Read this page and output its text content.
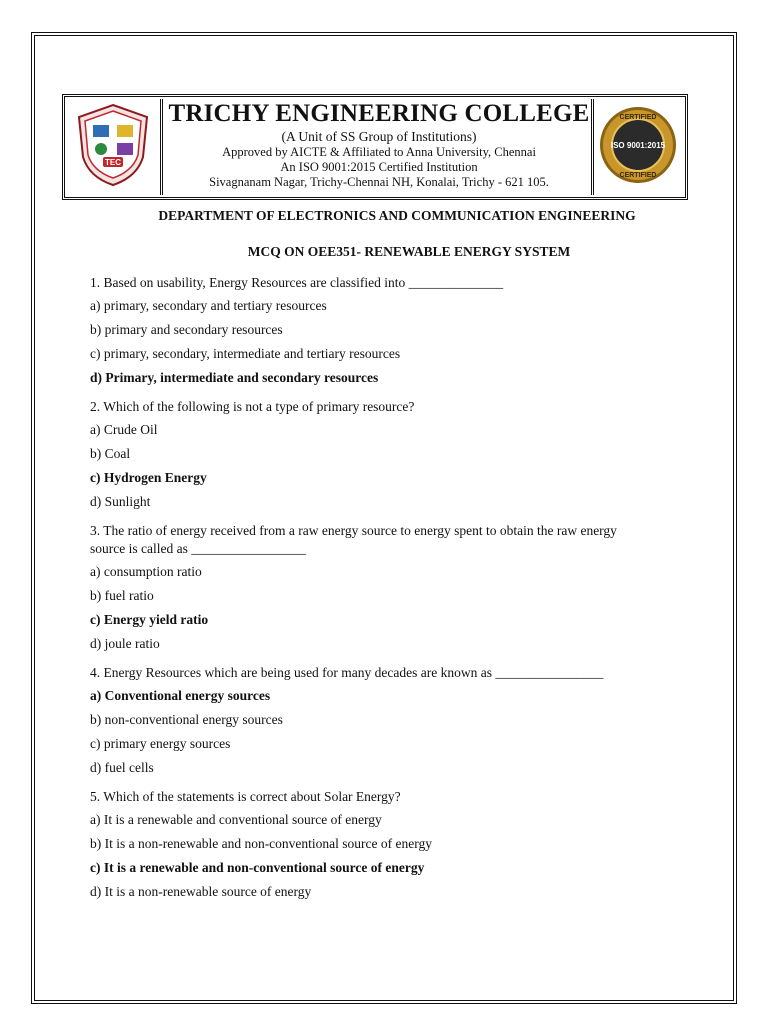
TEC
TRICHY ENGINEERING COLLEGE
(A Unit of SS Group of Institutions)
Approved by AICTE & Affiliated to Anna University, Chennai
An ISO 9001:2015 Certified Institution
Sivagnanam Nagar, Trichy-Chennai NH, Konalai, Trichy - 621 105.
CERTIFIED
ISO 9001:2015
CERTIFIED
DEPARTMENT OF ELECTRONICS AND COMMUNICATION ENGINEERING
MCQ ON OEE351- RENEWABLE ENERGY SYSTEM
1. Based on usability, Energy Resources are classified into ______________
a) primary, secondary and tertiary resources
b) primary and secondary resources
c) primary, secondary, intermediate and tertiary resources
d) Primary, intermediate and secondary resources
2. Which of the following is not a type of primary resource?
a) Crude Oil
b) Coal
c) Hydrogen Energy
d) Sunlight
3. The ratio of energy received from a raw energy source to energy spent to obtain the raw energy source is called as _________________
a) consumption ratio
b) fuel ratio
c) Energy yield ratio
d) joule ratio
4. Energy Resources which are being used for many decades are known as ________________
a) Conventional energy sources
b) non-conventional energy sources
c) primary energy sources
d) fuel cells
5. Which of the statements is correct about Solar Energy?
a) It is a renewable and conventional source of energy
b) It is a non-renewable and non-conventional source of energy
c) It is a renewable and non-conventional source of energy
d) It is a non-renewable source of energy
